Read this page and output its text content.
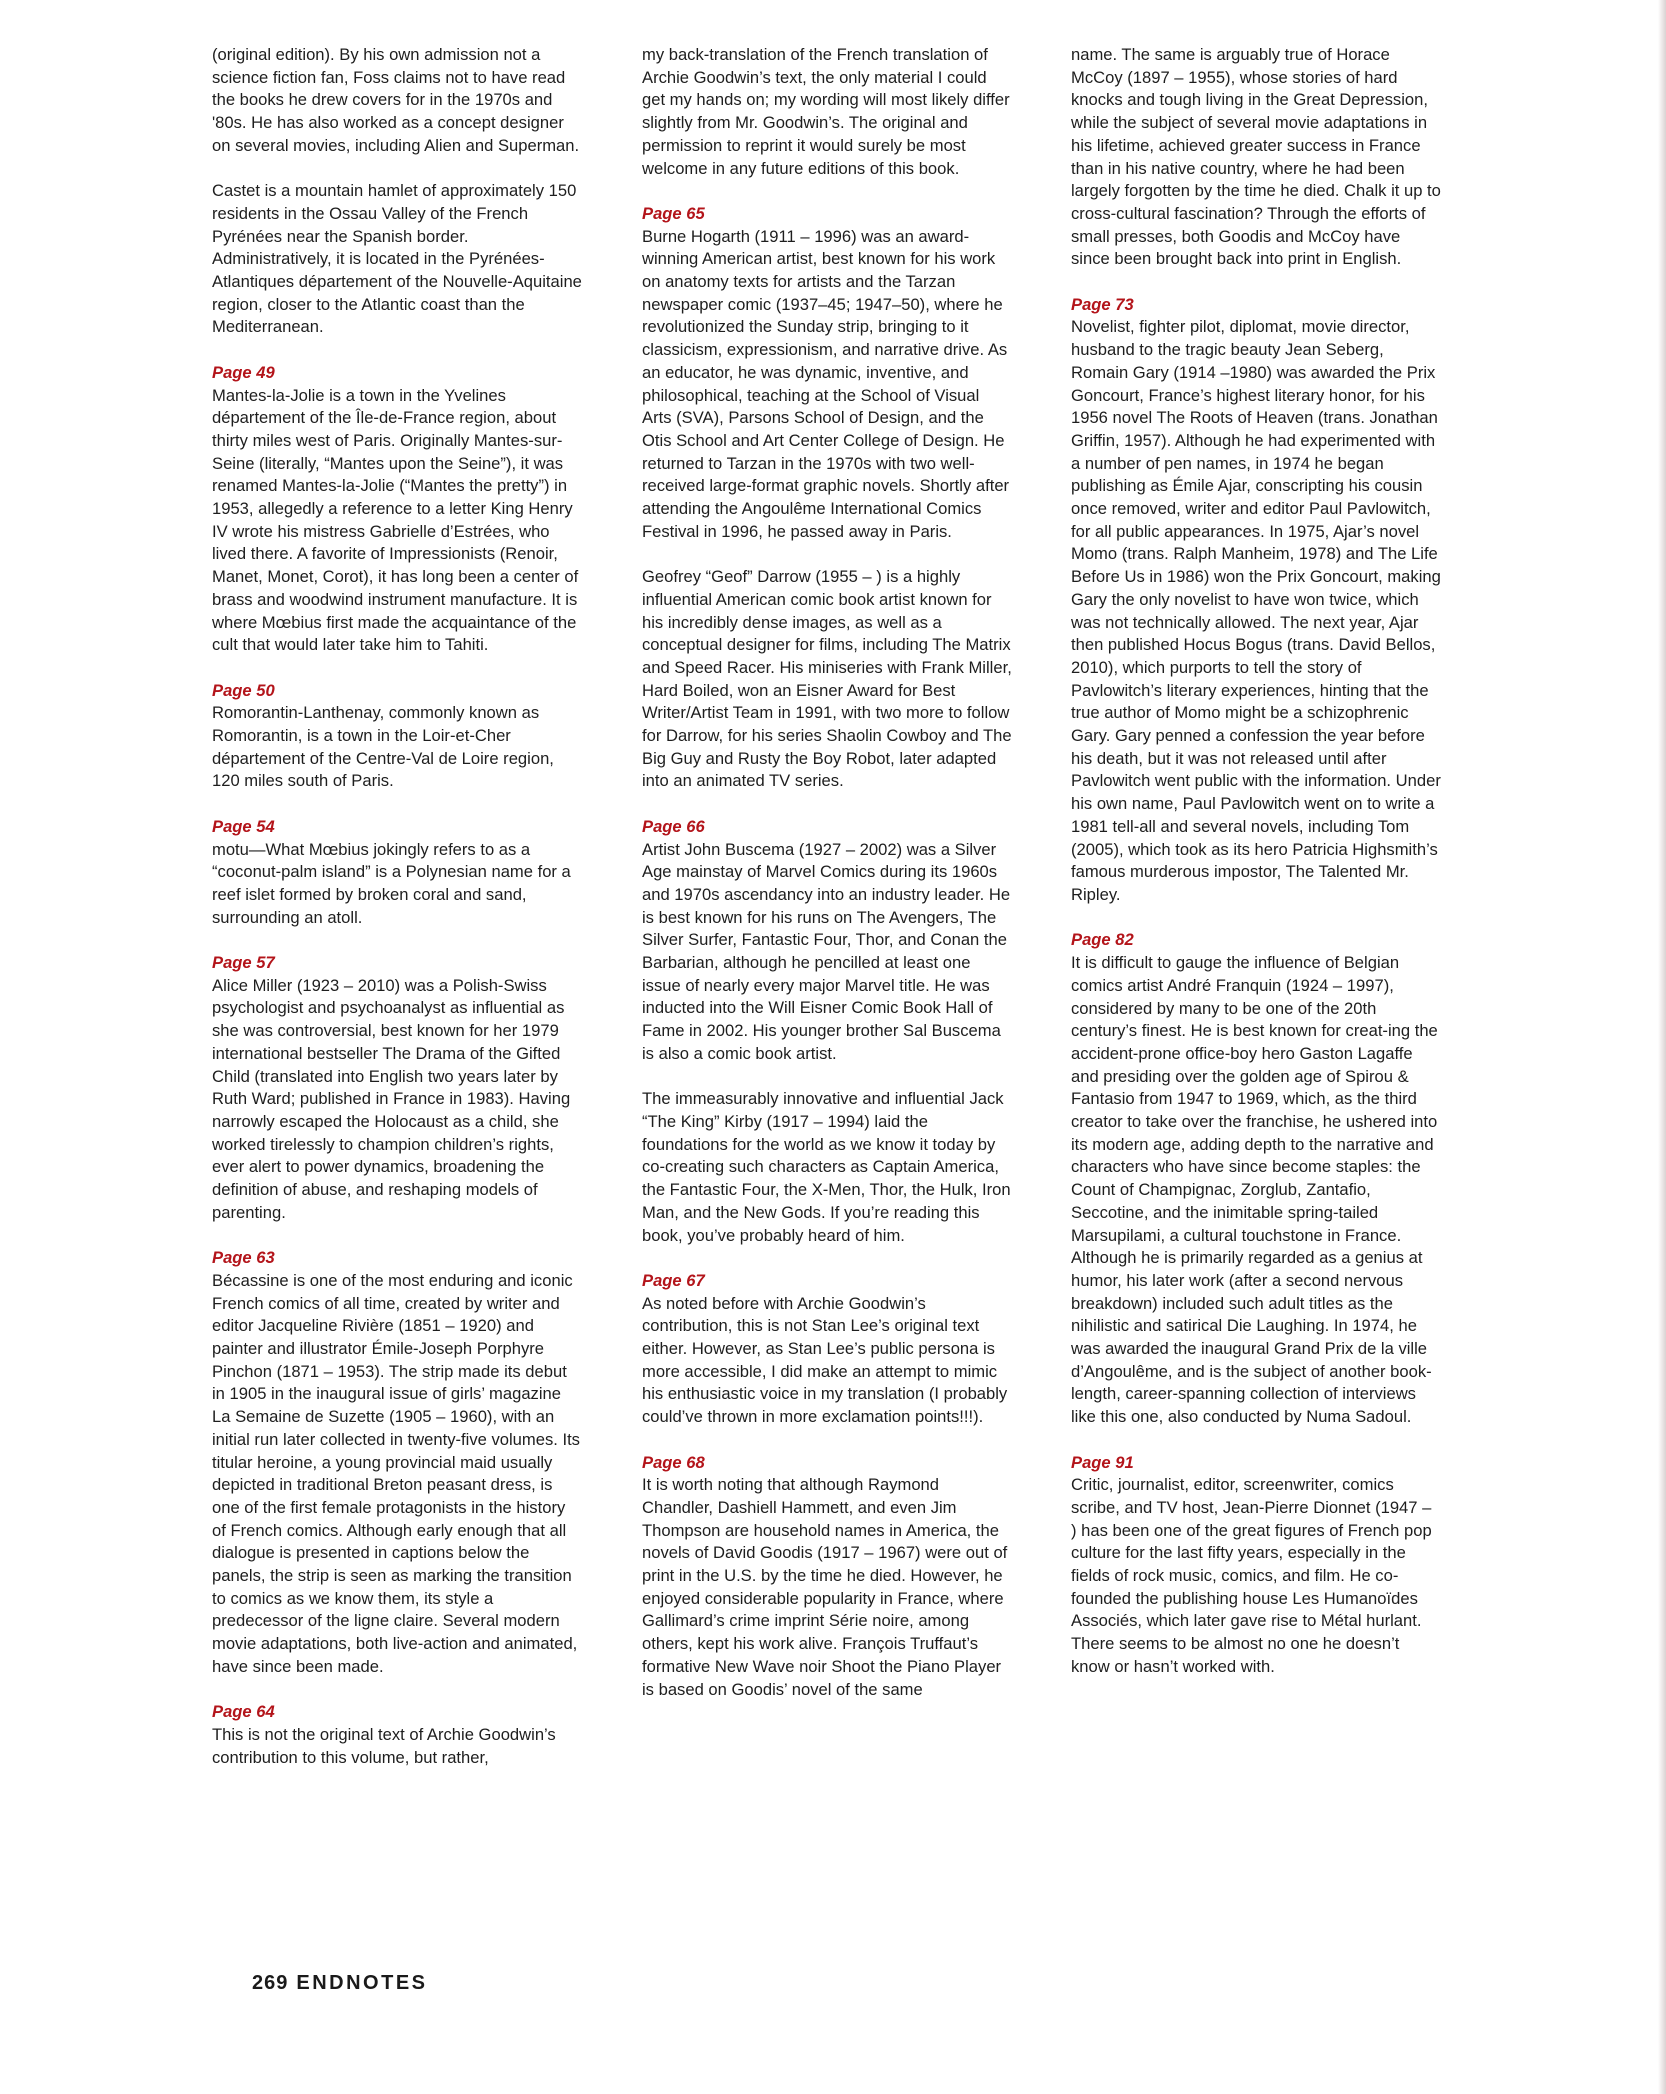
(original edition). By his own admission not a science fiction fan, Foss claims not to have read the books he drew covers for in the 1970s and '80s. He has also worked as a concept designer on several movies, including Alien and Superman.

Castet is a mountain hamlet of approximately 150 residents in the Ossau Valley of the French Pyrénées near the Spanish border. Administratively, it is located in the Pyrénées-Atlantiques département of the Nouvelle-Aquitaine region, closer to the Atlantic coast than the Mediterranean.

Page 49

Mantes-la-Jolie is a town in the Yvelines département of the Île-de-France region, about thirty miles west of Paris. Originally Mantes-sur-Seine (literally, “Mantes upon the Seine”), it was renamed Mantes-la-Jolie (“Mantes the pretty”) in 1953, allegedly a reference to a letter King Henry IV wrote his mistress Gabrielle d’Estrées, who lived there. A favorite of Impressionists (Renoir, Manet, Monet, Corot), it has long been a center of brass and woodwind instrument manufacture. It is where Mœbius first made the acquaintance of the cult that would later take him to Tahiti.

Page 50

Romorantin-Lanthenay, commonly known as Romorantin, is a town in the Loir-et-Cher département of the Centre-Val de Loire region, 120 miles south of Paris.

Page 54

motu—What Mœbius jokingly refers to as a “coconut-palm island” is a Polynesian name for a reef islet formed by broken coral and sand, surrounding an atoll.

Page 57

Alice Miller (1923 – 2010) was a Polish-Swiss psychologist and psychoanalyst as influential as she was controversial, best known for her 1979 international bestseller The Drama of the Gifted Child (translated into English two years later by Ruth Ward; published in France in 1983). Having narrowly escaped the Holocaust as a child, she worked tirelessly to champion children’s rights, ever alert to power dynamics, broadening the definition of abuse, and reshaping models of parenting.

Page 63

Bécassine is one of the most enduring and iconic French comics of all time, created by writer and editor Jacqueline Rivière (1851 – 1920) and painter and illustrator Émile-Joseph Porphyre Pinchon (1871 – 1953). The strip made its debut in 1905 in the inaugural issue of girls’ magazine La Semaine de Suzette (1905 – 1960), with an initial run later collected in twenty-five volumes. Its titular heroine, a young provincial maid usually depicted in traditional Breton peasant dress, is one of the first female protagonists in the history of French comics. Although early enough that all dialogue is presented in captions below the panels, the strip is seen as marking the transition to comics as we know them, its style a predecessor of the ligne claire. Several modern movie adaptations, both live-action and animated, have since been made.

Page 64

This is not the original text of Archie Goodwin’s contribution to this volume, but rather,

my back-translation of the French translation of Archie Goodwin’s text, the only material I could get my hands on; my wording will most likely differ slightly from Mr. Goodwin’s. The original and permission to reprint it would surely be most welcome in any future editions of this book.

Page 65

Burne Hogarth (1911 – 1996) was an award-winning American artist, best known for his work on anatomy texts for artists and the Tarzan newspaper comic (1937–45; 1947–50), where he revolutionized the Sunday strip, bringing to it classicism, expressionism, and narrative drive. As an educator, he was dynamic, inventive, and philosophical, teaching at the School of Visual Arts (SVA), Parsons School of Design, and the Otis School and Art Center College of Design. He returned to Tarzan in the 1970s with two well-received large-format graphic novels. Shortly after attending the Angoulême International Comics Festival in 1996, he passed away in Paris.

Geofrey “Geof” Darrow (1955 – ) is a highly influential American comic book artist known for his incredibly dense images, as well as a conceptual designer for films, including The Matrix and Speed Racer. His miniseries with Frank Miller, Hard Boiled, won an Eisner Award for Best Writer/Artist Team in 1991, with two more to follow for Darrow, for his series Shaolin Cowboy and The Big Guy and Rusty the Boy Robot, later adapted into an animated TV series.

Page 66

Artist John Buscema (1927 – 2002) was a Silver Age mainstay of Marvel Comics during its 1960s and 1970s ascendancy into an industry leader. He is best known for his runs on The Avengers, The Silver Surfer, Fantastic Four, Thor, and Conan the Barbarian, although he pencilled at least one issue of nearly every major Marvel title. He was inducted into the Will Eisner Comic Book Hall of Fame in 2002. His younger brother Sal Buscema is also a comic book artist.

The immeasurably innovative and influential Jack “The King” Kirby (1917 – 1994) laid the foundations for the world as we know it today by co-creating such characters as Captain America, the Fantastic Four, the X-Men, Thor, the Hulk, Iron Man, and the New Gods. If you’re reading this book, you’ve probably heard of him.

Page 67

As noted before with Archie Goodwin’s contribution, this is not Stan Lee’s original text either. However, as Stan Lee’s public persona is more accessible, I did make an attempt to mimic his enthusiastic voice in my translation (I probably could’ve thrown in more exclamation points!!!).

Page 68

It is worth noting that although Raymond Chandler, Dashiell Hammett, and even Jim Thompson are household names in America, the novels of David Goodis (1917 – 1967) were out of print in the U.S. by the time he died. However, he enjoyed considerable popularity in France, where Gallimard’s crime imprint Série noire, among others, kept his work alive. François Truffaut’s formative New Wave noir Shoot the Piano Player is based on Goodis’ novel of the same

name. The same is arguably true of Horace McCoy (1897 – 1955), whose stories of hard knocks and tough living in the Great Depression, while the subject of several movie adaptations in his lifetime, achieved greater success in France than in his native country, where he had been largely forgotten by the time he died. Chalk it up to cross-cultural fascination? Through the efforts of small presses, both Goodis and McCoy have since been brought back into print in English.

Page 73

Novelist, fighter pilot, diplomat, movie director, husband to the tragic beauty Jean Seberg, Romain Gary (1914 –1980) was awarded the Prix Goncourt, France’s highest literary honor, for his 1956 novel The Roots of Heaven (trans. Jonathan Griffin, 1957). Although he had experimented with a number of pen names, in 1974 he began publishing as Émile Ajar, conscripting his cousin once removed, writer and editor Paul Pavlowitch, for all public appearances. In 1975, Ajar’s novel Momo (trans. Ralph Manheim, 1978) and The Life Before Us in 1986) won the Prix Goncourt, making Gary the only novelist to have won twice, which was not technically allowed. The next year, Ajar then published Hocus Bogus (trans. David Bellos, 2010), which purports to tell the story of Pavlowitch’s literary experiences, hinting that the true author of Momo might be a schizophrenic Gary. Gary penned a confession the year before his death, but it was not released until after Pavlowitch went public with the information. Under his own name, Paul Pavlowitch went on to write a 1981 tell-all and several novels, including Tom (2005), which took as its hero Patricia Highsmith’s famous murderous impostor, The Talented Mr. Ripley.

Page 82

It is difficult to gauge the influence of Belgian comics artist André Franquin (1924 – 1997), considered by many to be one of the 20th century’s finest. He is best known for creat-ing the accident-prone office-boy hero Gaston Lagaffe and presiding over the golden age of Spirou & Fantasio from 1947 to 1969, which, as the third creator to take over the franchise, he ushered into its modern age, adding depth to the narrative and characters who have since become staples: the Count of Champignac, Zorglub, Zantafio, Seccotine, and the inimitable spring-tailed Marsupilami, a cultural touchstone in France. Although he is primarily regarded as a genius at humor, his later work (after a second nervous breakdown) included such adult titles as the nihilistic and satirical Die Laughing. In 1974, he was awarded the inaugural Grand Prix de la ville d’Angoulême, and is the subject of another book-length, career-spanning collection of interviews like this one, also conducted by Numa Sadoul.

Page 91

Critic, journalist, editor, screenwriter, comics scribe, and TV host, Jean-Pierre Dionnet (1947 – ) has been one of the great figures of French pop culture for the last fifty years, especially in the fields of rock music, comics, and film. He co-founded the publishing house Les Humanoïdes Associés, which later gave rise to Métal hurlant. There seems to be almost no one he doesn’t know or hasn’t worked with.

269 ENDNOTES
